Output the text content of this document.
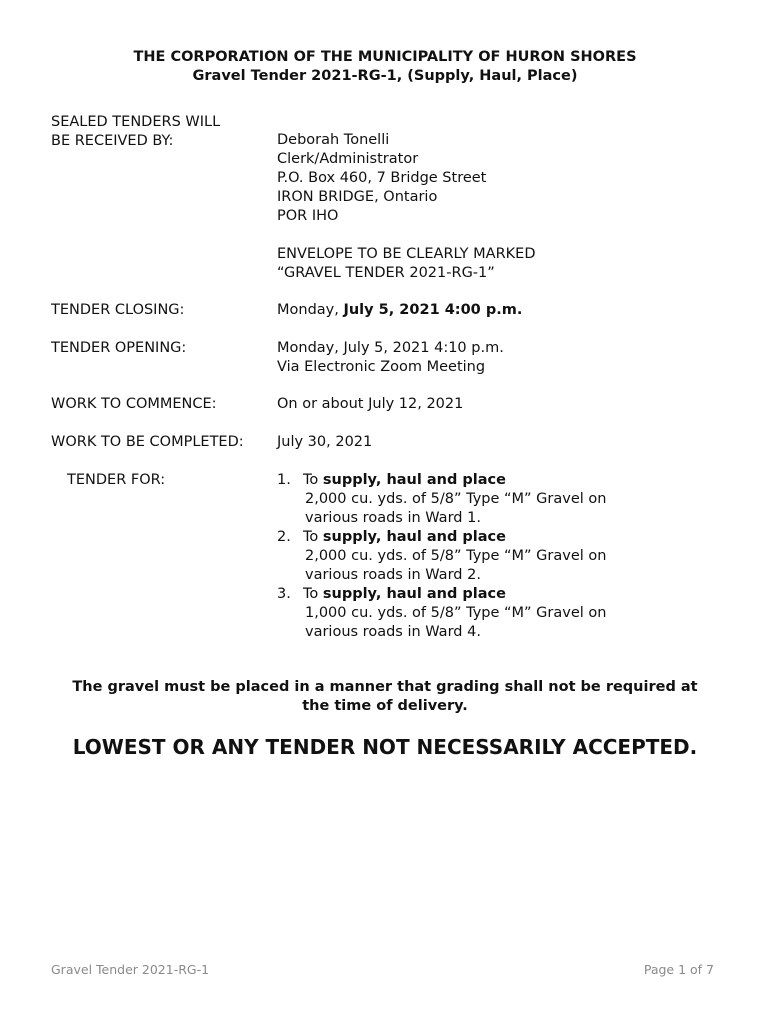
THE CORPORATION OF THE MUNICIPALITY OF HURON SHORES
Gravel Tender 2021-RG-1, (Supply, Haul, Place)
SEALED TENDERS WILL
BE RECEIVED BY:	Deborah Tonelli
Clerk/Administrator
P.O. Box 460, 7 Bridge Street
IRON BRIDGE, Ontario
POR IHO
ENVELOPE TO BE CLEARLY MARKED
“GRAVEL TENDER 2021-RG-1”
TENDER CLOSING:	Monday, July 5, 2021 4:00 p.m.
TENDER OPENING:	Monday, July 5, 2021 4:10 p.m.
Via Electronic Zoom Meeting
WORK TO COMMENCE:	On or about July 12, 2021
WORK TO BE COMPLETED: July 30, 2021
TENDER FOR:	1. To supply, haul and place
2,000 cu. yds. of 5/8” Type “M” Gravel on
various roads in Ward 1.
2. To supply, haul and place
2,000 cu. yds. of 5/8” Type “M” Gravel on
various roads in Ward 2.
3. To supply, haul and place
1,000 cu. yds. of 5/8” Type “M” Gravel on
various roads in Ward 4.
The gravel must be placed in a manner that grading shall not be required at
the time of delivery.
LOWEST OR ANY TENDER NOT NECESSARILY ACCEPTED.
Gravel Tender 2021-RG-1	Page 1 of 7
